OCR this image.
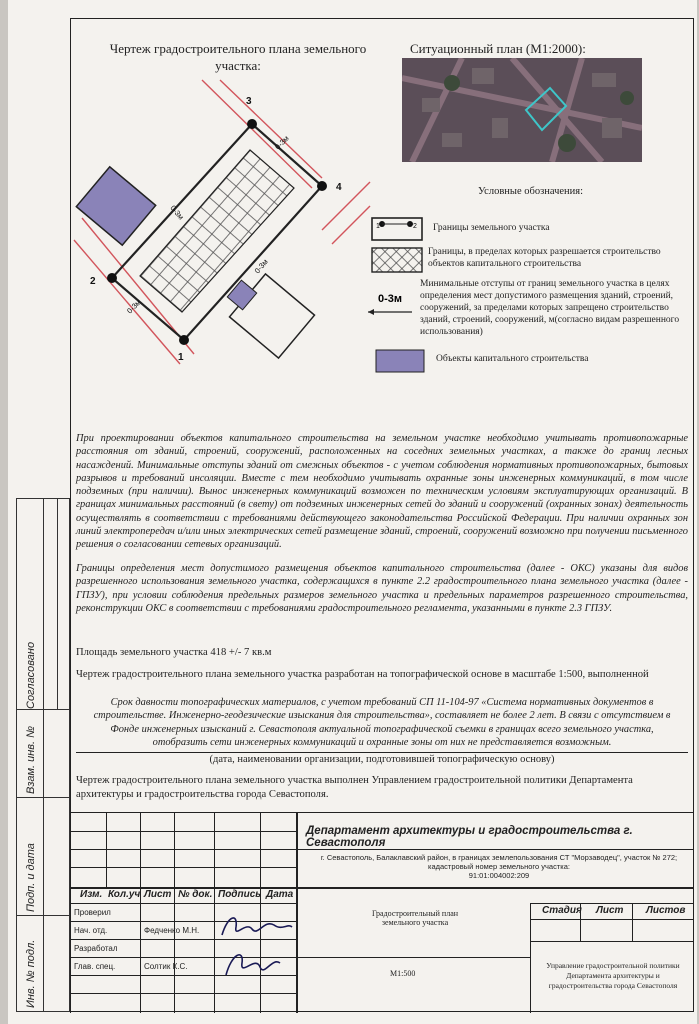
Чертеж градостроительного плана земельного участка:
3
4
1
2
0-3м
0-3м
0-3м
0-3м
Ситуационный план (М1:2000):
Условные обозначения:
1	2
0-3м
Границы земельного участка
Границы, в пределах которых разрешается строительство объектов капитального строительства
Минимальные отступы от границ земельного участка в целях определения мест допустимого размещения зданий, строений, сооружений, за пределами которых запрещено строительство зданий, строений, сооружений, м(согласно видам разрешенного использования)
Объекты капитального строительства
При проектировании объектов капитального строительства на земельном участке необходимо учитывать противопожарные расстояния от зданий, строений, сооружений, расположенных на соседних земельных участках, а также до границ лесных насаждений. Минимальные отступы зданий от смежных объектов - с учетом соблюдения нормативных противопожарных, бытовых разрывов и требований инсоляции. Вместе с тем необходимо учитывать охранные зоны инженерных коммуникаций, в том числе подземных (при наличии). Вынос инженерных коммуникаций возможен по техническим условиям эксплуатирующих организаций. В границах минимальных расстояний (в свету) от подземных инженерных сетей до зданий и сооружений (охранных зонах) деятельность осуществлять в соответствии с требованиями действующего законодательства Российской Федерации. При наличии охранных зон линий электропередач и/или иных электрических сетей размещение зданий, строений, сооружений возможно при получении письменного решения о согласовании сетевых организаций.
Границы определения мест допустимого размещения объектов капитального строительства (далее - ОКС) указаны для видов разрешенного использования земельного участка, содержащихся в пункте 2.2 градостроительного плана земельного участка (далее - ГПЗУ), при условии соблюдения предельных размеров земельного участка и предельных параметров разрешенного строительства, реконструкции ОКС в соответствии с требованиями градостроительного регламента, указанными в пункте 2.3 ГПЗУ.
Площадь земельного участка 418 +/- 7 кв.м
Чертеж градостроительного плана земельного участка разработан на топографической основе в масштабе 1:500, выполненной
Срок давности топографических материалов, с учетом требований СП 11-104-97 «Система нормативных документов в строительстве. Инженерно-геодезические изыскания для строительства», составляет не более 2 лет. В связи с отсутствием в Фонде инженерных изысканий г. Севастополя актуальной топографической съемки в границах всего земельного участка, отобразить сети инженерных коммуникаций и охранные зоны от них не представляется возможным.
(дата, наименовании организации, подготовившей топографическую основу)
Чертеж градостроительного плана земельного участка выполнен Управлением градостроительной политики Департамента архитектуры и градостроительства города Севастополя.
Согласовано
Взам. инв. №
Подп. и дата
Инв. № подл.
Департамент архитектуры и градостроительства г. Севастополя
г. Севастополь, Балаклавский район, в границах землепользования СТ "Морзаводец", участок № 272;
кадастровый номер земельного участка:
91:01:004002:209
Изм. Кол.уч Лист № док. Подпись Дата
Проверил
Нач. отд.
Разработал
Глав. спец.
Федченко М.Н.
Солтик К.С.
Градостроительный план земельного участка
М1:500
Стадия Лист Листов
Управление градостроительной политики Департамента архитектуры и градостроительства города Севастополя
